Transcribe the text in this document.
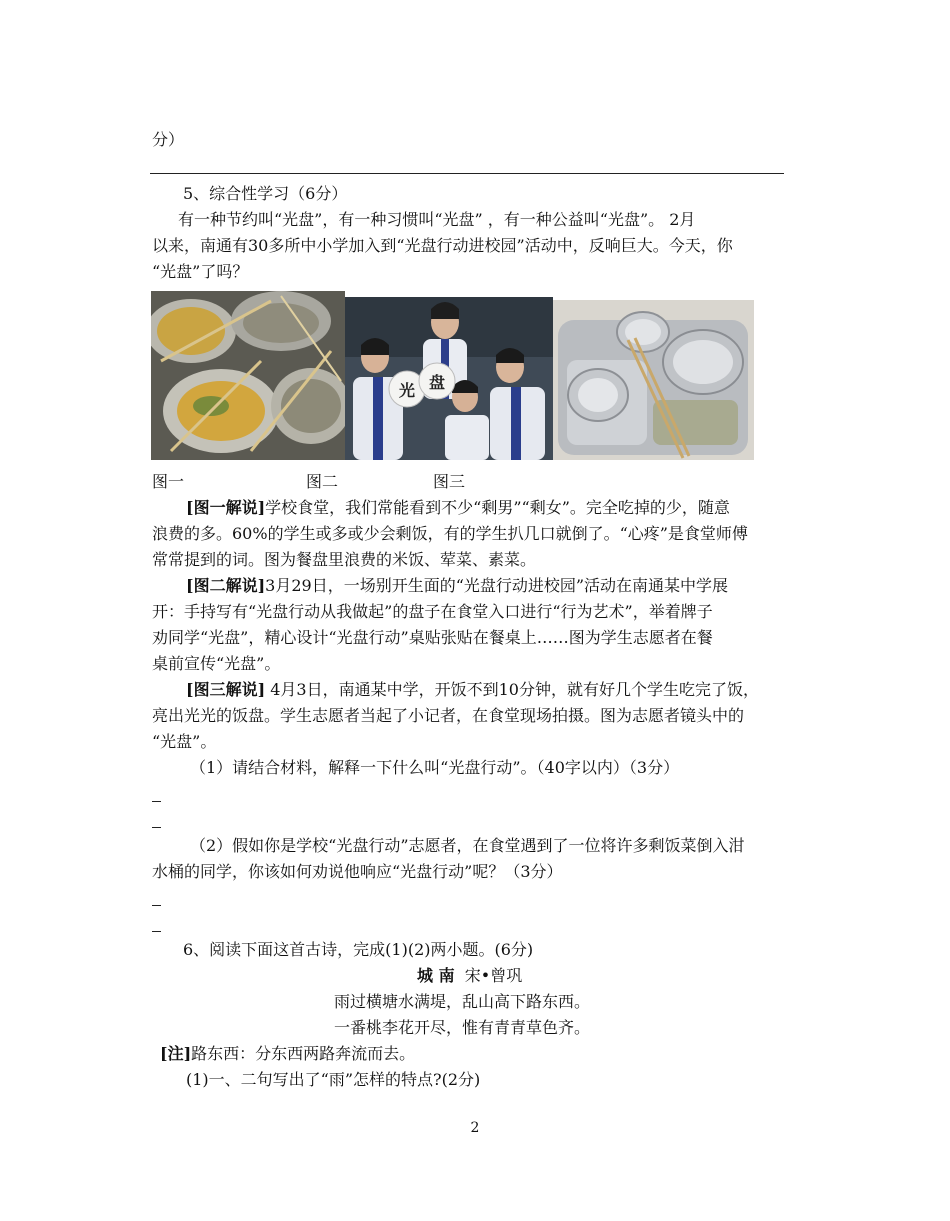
分）
5、综合性学习（6分）
有一种节约叫“光盘”，有一种习惯叫“光盘” ，有一种公益叫“光盘”。 2月
以来，南通有30多所中小学加入到“光盘行动进校园”活动中，反响巨大。今天，你
“光盘”了吗？
光 盘
图一	图二	图三
[图一解说]学校食堂，我们常能看到不少“剩男”“剩女”。完全吃掉的少，随意
浪费的多。60%的学生或多或少会剩饭，有的学生扒几口就倒了。“心疼”是食堂师傅
常常提到的词。图为餐盘里浪费的米饭、荤菜、素菜。
[图二解说]3月29日，一场别开生面的“光盘行动进校园”活动在南通某中学展
开：手持写有“光盘行动从我做起”的盘子在食堂入口进行“行为艺术”，举着牌子
劝同学“光盘”，精心设计“光盘行动”桌贴张贴在餐桌上……图为学生志愿者在餐
桌前宣传“光盘”。
[图三解说] 4月3日，南通某中学，开饭不到10分钟，就有好几个学生吃完了饭，
亮出光光的饭盘。学生志愿者当起了小记者，在食堂现场拍摄。图为志愿者镜头中的
“光盘”。
（1）请结合材料，解释一下什么叫“光盘行动”。（40字以内）（3分）
（2）假如你是学校“光盘行动”志愿者，在食堂遇到了一位将许多剩饭菜倒入泔
水桶的同学，你该如何劝说他响应“光盘行动”呢？（3分）
6、阅读下面这首古诗，完成(1)(2)两小题。(6分)
城 南 宋•曾巩
雨过横塘水满堤，乱山高下路东西。
一番桃李花开尽，惟有青青草色齐。
[注]路东西：分东西两路奔流而去。
(1)一、二句写出了“雨”怎样的特点?(2分)
2
